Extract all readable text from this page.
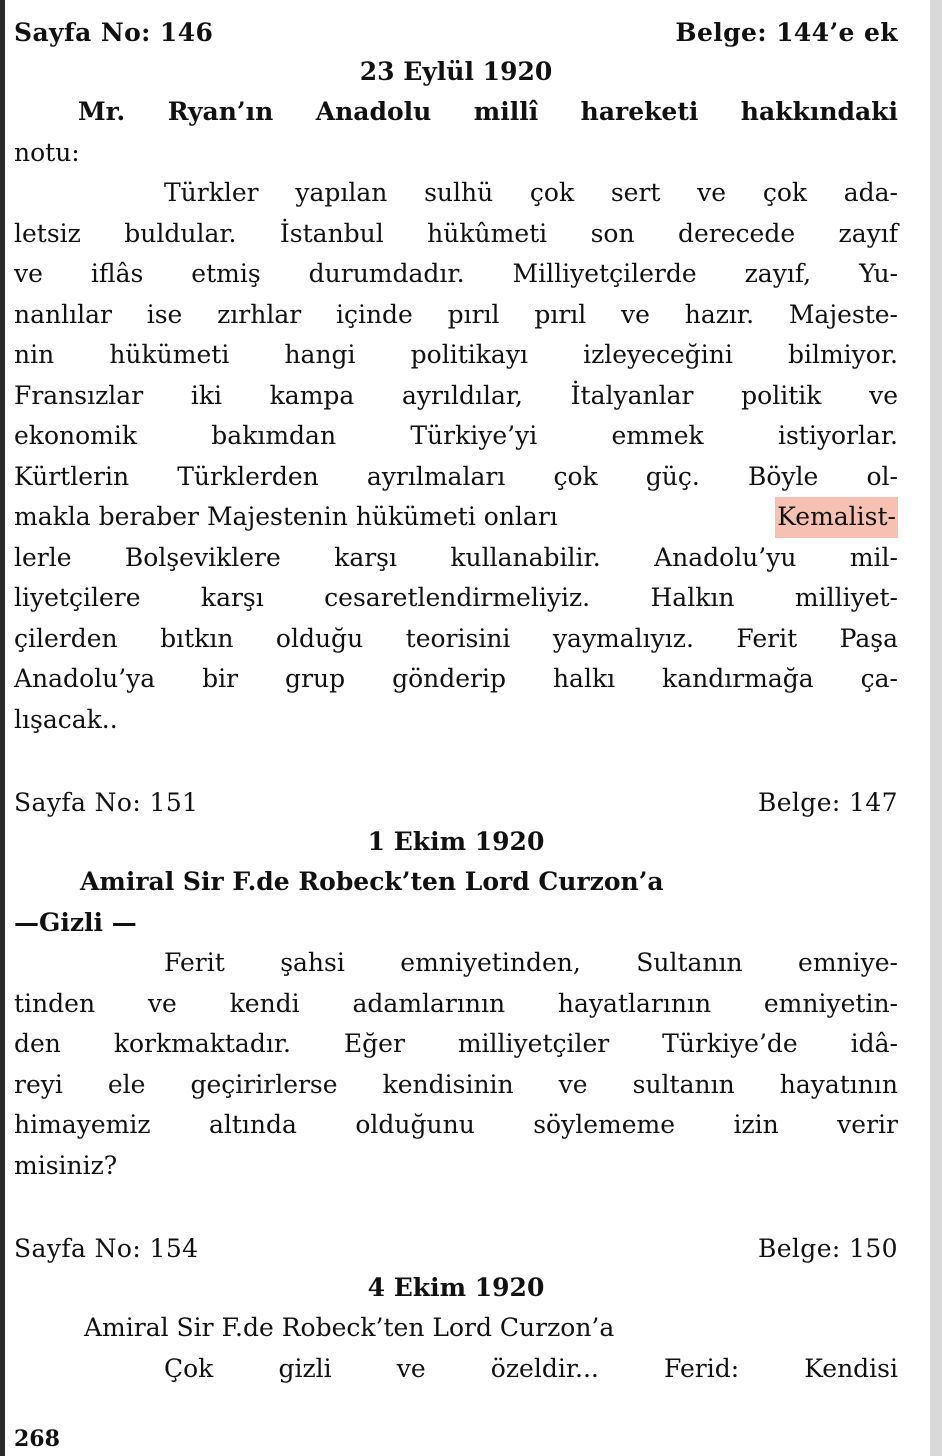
Sayfa No: 146	Belge: 144’e ek
23 Eylül 1920
Mr. Ryan’ın Anadolu millî hareketi hakkındaki
notu:
Türkler yapılan sulhü çok sert ve çok ada-
letsiz buldular. İstanbul hükûmeti son derecede zayıf
ve iflâs etmiş durumdadır. Milliyetçilerde zayıf, Yu-
nanlılar ise zırhlar içinde pırıl pırıl ve hazır. Majeste-
nin hükümeti hangi politikayı izleyeceğini bilmiyor.
Fransızlar iki kampa ayrıldılar, İtalyanlar politik ve
ekonomik bakımdan Türkiye’yi emmek istiyorlar.
Kürtlerin Türklerden ayrılmaları çok güç. Böyle ol-
makla beraber Majestenin hükümeti onları	Kemalist-
lerle Bolşeviklere karşı kullanabilir. Anadolu’yu mil-
liyetçilere karşı cesaretlendirmeliyiz. Halkın milliyet-
çilerden bıtkın olduğu teorisini yaymalıyız. Ferit Paşa
Anadolu’ya bir grup gönderip halkı kandırmağa ça-
lışacak..
Sayfa No: 151	Belge: 147
1 Ekim 1920
Amiral Sir F.de Robeck’ten Lord Curzon’a
—Gizli —
Ferit şahsi emniyetinden, Sultanın emniye-
tinden ve kendi adamlarının hayatlarının emniyetin-
den korkmaktadır. Eğer milliyetçiler Türkiye’de idâ-
reyi ele geçirirlerse kendisinin ve sultanın hayatının
himayemiz altında olduğunu söylememe izin verir
misiniz?
Sayfa No: 154	Belge: 150
4 Ekim 1920
Amiral Sir F.de Robeck’ten Lord Curzon’a
Çok gizli ve özeldir... Ferid: Kendisi
268
